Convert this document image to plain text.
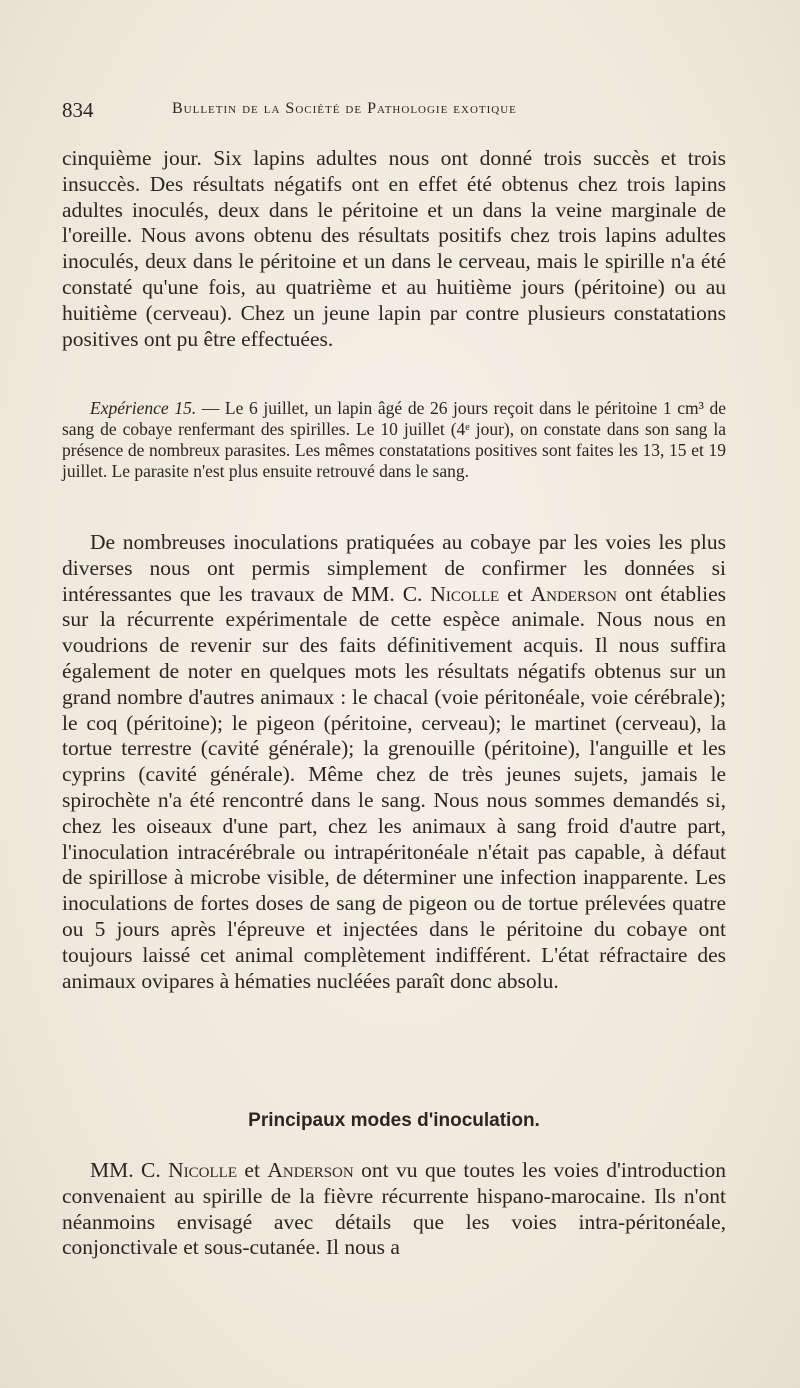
834	Bulletin de la Société de Pathologie exotique
cinquième jour. Six lapins adultes nous ont donné trois succès et trois insuccès. Des résultats négatifs ont en effet été obtenus chez trois lapins adultes inoculés, deux dans le péritoine et un dans la veine marginale de l'oreille. Nous avons obtenu des résultats positifs chez trois lapins adultes inoculés, deux dans le péritoine et un dans le cerveau, mais le spirille n'a été constaté qu'une fois, au quatrième et au huitième jours (péritoine) ou au huitième (cerveau). Chez un jeune lapin par contre plusieurs constatations positives ont pu être effectuées.
Expérience 15. — Le 6 juillet, un lapin âgé de 26 jours reçoit dans le péritoine 1 cm³ de sang de cobaye renfermant des spirilles. Le 10 juillet (4ᵉ jour), on constate dans son sang la présence de nombreux parasites. Les mêmes constatations positives sont faites les 13, 15 et 19 juillet. Le parasite n'est plus ensuite retrouvé dans le sang.
De nombreuses inoculations pratiquées au cobaye par les voies les plus diverses nous ont permis simplement de confirmer les données si intéressantes que les travaux de MM. C. Nicolle et Anderson ont établies sur la récurrente expérimentale de cette espèce animale. Nous nous en voudrions de revenir sur des faits définitivement acquis. Il nous suffira également de noter en quelques mots les résultats négatifs obtenus sur un grand nombre d'autres animaux : le chacal (voie péritonéale, voie cérébrale); le coq (péritoine); le pigeon (péritoine, cerveau); le martinet (cerveau), la tortue terrestre (cavité générale); la grenouille (péritoine), l'anguille et les cyprins (cavité générale). Même chez de très jeunes sujets, jamais le spirochète n'a été rencontré dans le sang. Nous nous sommes demandés si, chez les oiseaux d'une part, chez les animaux à sang froid d'autre part, l'inoculation intracérébrale ou intrapéritonéale n'était pas capable, à défaut de spirillose à microbe visible, de déterminer une infection inapparente. Les inoculations de fortes doses de sang de pigeon ou de tortue prélevées quatre ou 5 jours après l'épreuve et injectées dans le péritoine du cobaye ont toujours laissé cet animal complètement indifférent. L'état réfractaire des animaux ovipares à hématies nucléées paraît donc absolu.
Principaux modes d'inoculation.
MM. C. Nicolle et Anderson ont vu que toutes les voies d'introduction convenaient au spirille de la fièvre récurrente hispano-marocaine. Ils n'ont néanmoins envisagé avec détails que les voies intra-péritonéale, conjonctivale et sous-cutanée. Il nous a
